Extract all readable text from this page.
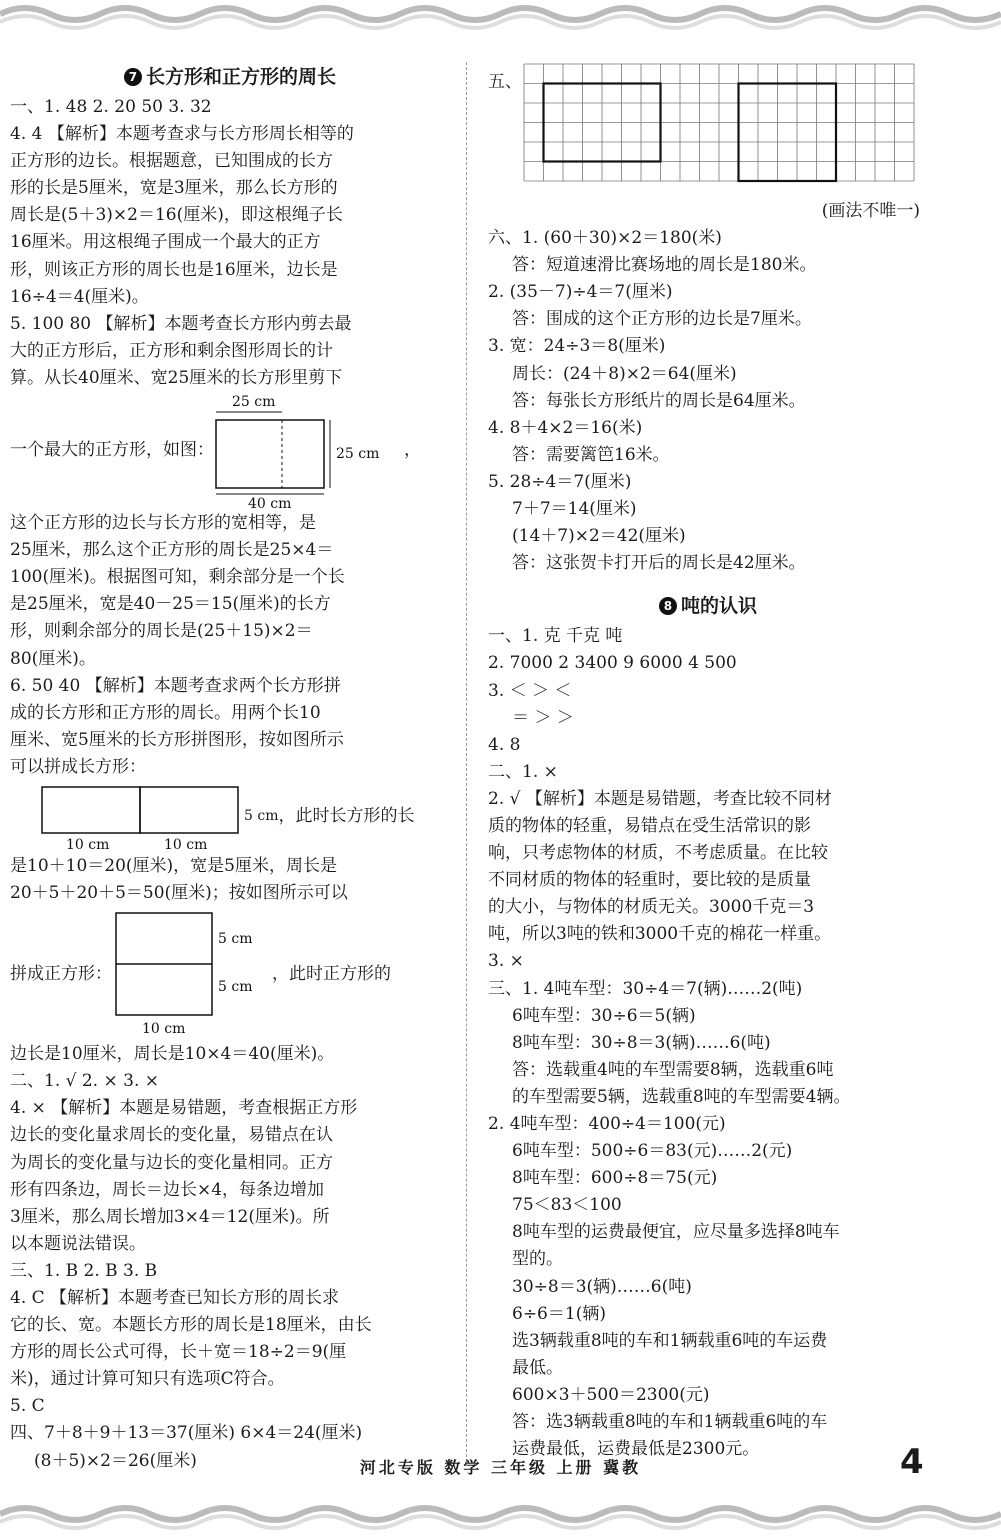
7 长方形和正方形的周长
一、1. 48 2. 20 50 3. 32
4. 4 【解析】本题考查求与长方形周长相等的
正方形的边长。根据题意，已知围成的长方
形的长是5厘米，宽是3厘米，那么长方形的
周长是(5＋3)×2＝16(厘米)，即这根绳子长
16厘米。用这根绳子围成一个最大的正方
形，则该正方形的周长也是16厘米，边长是
16÷4＝4(厘米)。
5. 100 80 【解析】本题考查长方形内剪去最
大的正方形后，正方形和剩余图形周长的计
算。从长40厘米、宽25厘米的长方形里剪下
一个最大的正方形，如图：
25 cm
25 cm
40 cm
，
这个正方形的边长与长方形的宽相等，是
25厘米，那么这个正方形的周长是25×4＝
100(厘米)。根据图可知，剩余部分是一个长
是25厘米，宽是40－25＝15(厘米)的长方
形，则剩余部分的周长是(25＋15)×2＝
80(厘米)。
6. 50 40 【解析】本题考查求两个长方形拼
成的长方形和正方形的周长。用两个长10
厘米、宽5厘米的长方形拼图形，按如图所示
可以拼成长方形：
10 cm	10 cm
5 cm ，此时长方形的长
是10＋10＝20(厘米)，宽是5厘米，周长是
20＋5＋20＋5＝50(厘米)；按如图所示可以
拼成正方形：
5 cm
5 cm
10 cm
，此时正方形的
边长是10厘米，周长是10×4＝40(厘米)。
二、1. √ 2. × 3. ×
4. × 【解析】本题是易错题，考查根据正方形
边长的变化量求周长的变化量，易错点在认
为周长的变化量与边长的变化量相同。正方
形有四条边，周长＝边长×4，每条边增加
3厘米，那么周长增加3×4＝12(厘米)。所
以本题说法错误。
三、1. B 2. B 3. B
4. C 【解析】本题考查已知长方形的周长求
它的长、宽。本题长方形的周长是18厘米，由长
方形的周长公式可得，长＋宽＝18÷2＝9(厘
米)，通过计算可知只有选项C符合。
5. C
四、7＋8＋9＋13＝37(厘米) 6×4＝24(厘米)
(8＋5)×2＝26(厘米)
五、
(画法不唯一)
六、1. (60＋30)×2＝180(米)
答：短道速滑比赛场地的周长是180米。
2. (35－7)÷4＝7(厘米)
答：围成的这个正方形的边长是7厘米。
3. 宽：24÷3＝8(厘米)
周长：(24＋8)×2＝64(厘米)
答：每张长方形纸片的周长是64厘米。
4. 8＋4×2＝16(米)
答：需要篱笆16米。
5. 28÷4＝7(厘米)
7＋7＝14(厘米)
(14＋7)×2＝42(厘米)
答：这张贺卡打开后的周长是42厘米。
8 吨的认识
一、1. 克 千克 吨
2. 7000 2 3400 9 6000 4 500
3. ＜ ＞ ＜
＝ ＞ ＞
4. 8
二、1. ×
2. √ 【解析】本题是易错题，考查比较不同材
质的物体的轻重，易错点在受生活常识的影
响，只考虑物体的材质，不考虑质量。在比较
不同材质的物体的轻重时，要比较的是质量
的大小，与物体的材质无关。3000千克＝3
吨，所以3吨的铁和3000千克的棉花一样重。
3. ×
三、1. 4吨车型：30÷4＝7(辆)……2(吨)
6吨车型：30÷6＝5(辆)
8吨车型：30÷8＝3(辆)……6(吨)
答：选载重4吨的车型需要8辆，选载重6吨
的车型需要5辆，选载重8吨的车型需要4辆。
2. 4吨车型：400÷4＝100(元)
6吨车型：500÷6＝83(元)……2(元)
8吨车型：600÷8＝75(元)
75＜83＜100
8吨车型的运费最便宜，应尽量多选择8吨车
型的。
30÷8＝3(辆)……6(吨)
6÷6＝1(辆)
选3辆载重8吨的车和1辆载重6吨的车运费
最低。
600×3＋500＝2300(元)
答：选3辆载重8吨的车和1辆载重6吨的车
运费最低，运费最低是2300元。
河北专版 数学 三年级 上册 冀教	4
